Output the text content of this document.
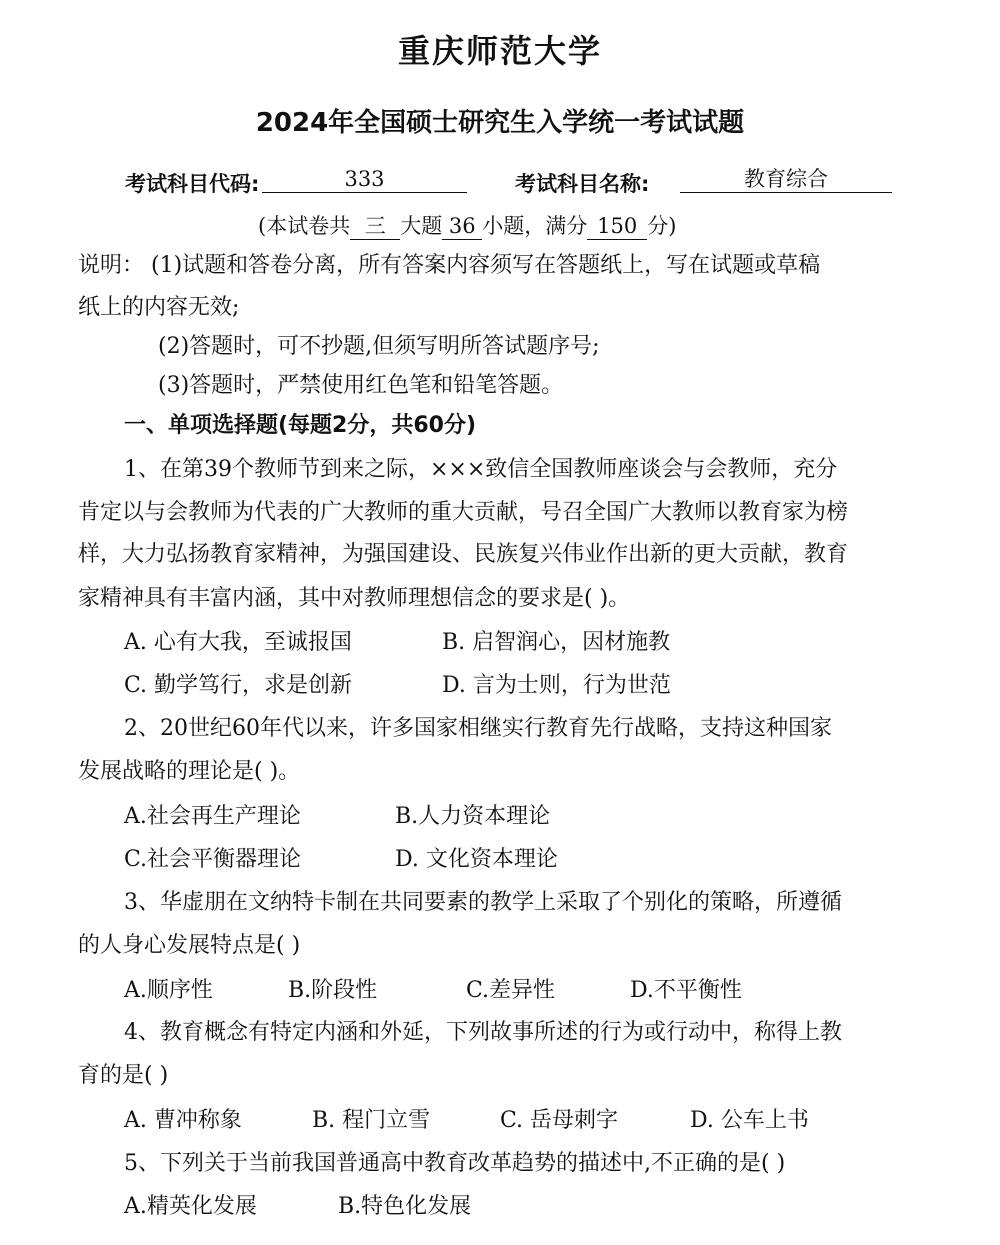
重庆师范大学
2024年全国硕士研究生入学统一考试试题
考试科目代码:	333	考试科目名称:	教育综合
(本试卷共 三 大题 36 小题，满分 150 分)
说明： (1)试题和答卷分离，所有答案内容须写在答题纸上，写在试题或草稿
纸上的内容无效;
(2)答题时，可不抄题,但须写明所答试题序号;
(3)答题时，严禁使用红色笔和铅笔答题。
一、单项选择题(每题2分，共60分)
1、在第39个教师节到来之际，×××致信全国教师座谈会与会教师，充分
肯定以与会教师为代表的广大教师的重大贡献，号召全国广大教师以教育家为榜
样，大力弘扬教育家精神，为强国建设、民族复兴伟业作出新的更大贡献，教育
家精神具有丰富内涵，其中对教师理想信念的要求是( )。
A. 心有大我，至诚报国	B. 启智润心，因材施教
C. 勤学笃行，求是创新	D. 言为士则，行为世范
2、20世纪60年代以来，许多国家相继实行教育先行战略，支持这种国家
发展战略的理论是( )。
A.社会再生产理论	B.人力资本理论
C.社会平衡器理论	D. 文化资本理论
3、华虚朋在文纳特卡制在共同要素的教学上采取了个别化的策略，所遵循
的人身心发展特点是( )
A.顺序性	B.阶段性	C.差异性	D.不平衡性
4、教育概念有特定内涵和外延，下列故事所述的行为或行动中，称得上教
育的是( )
A. 曹冲称象	B. 程门立雪	C. 岳母刺字	D. 公车上书
5、下列关于当前我国普通高中教育改革趋势的描述中,不正确的是( )
A.精英化发展	B.特色化发展
